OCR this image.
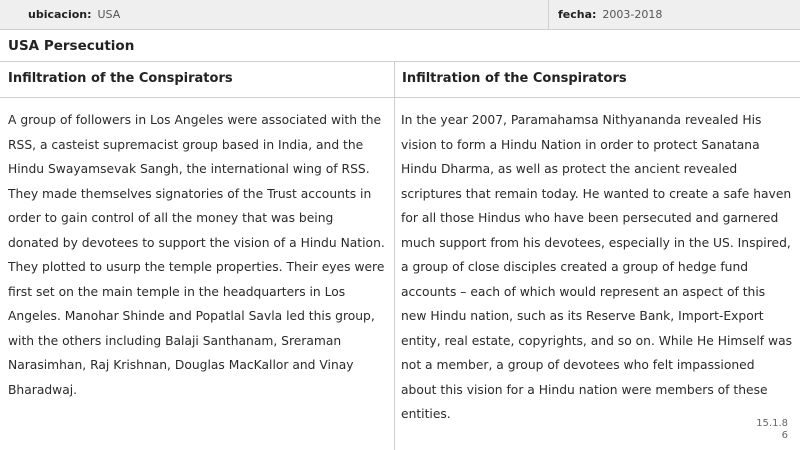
ubicacion: USA	fecha: 2003-2018
USA Persecution
Infiltration of the Conspirators	Infiltration of the Conspirators
A group of followers in Los Angeles were associated with the RSS, a casteist supremacist group based in India, and the Hindu Swayamsevak Sangh, the international wing of RSS. They made themselves signatories of the Trust accounts in order to gain control of all the money that was being donated by devotees to support the vision of a Hindu Nation. They plotted to usurp the temple properties. Their eyes were first set on the main temple in the headquarters in Los Angeles. Manohar Shinde and Popatlal Savla led this group, with the others including Balaji Santhanam, Sreraman Narasimhan, Raj Krishnan, Douglas MacKallor and Vinay Bharadwaj.
In the year 2007, Paramahamsa Nithyananda revealed His vision to form a Hindu Nation in order to protect Sanatana Hindu Dharma, as well as protect the ancient revealed scriptures that remain today. He wanted to create a safe haven for all those Hindus who have been persecuted and garnered much support from his devotees, especially in the US. Inspired, a group of close disciples created a group of hedge fund accounts – each of which would represent an aspect of this new Hindu nation, such as its Reserve Bank, Import-Export entity, real estate, copyrights, and so on. While He Himself was not a member, a group of devotees who felt impassioned about this vision for a Hindu nation were members of these entities.
15.1.8
6
